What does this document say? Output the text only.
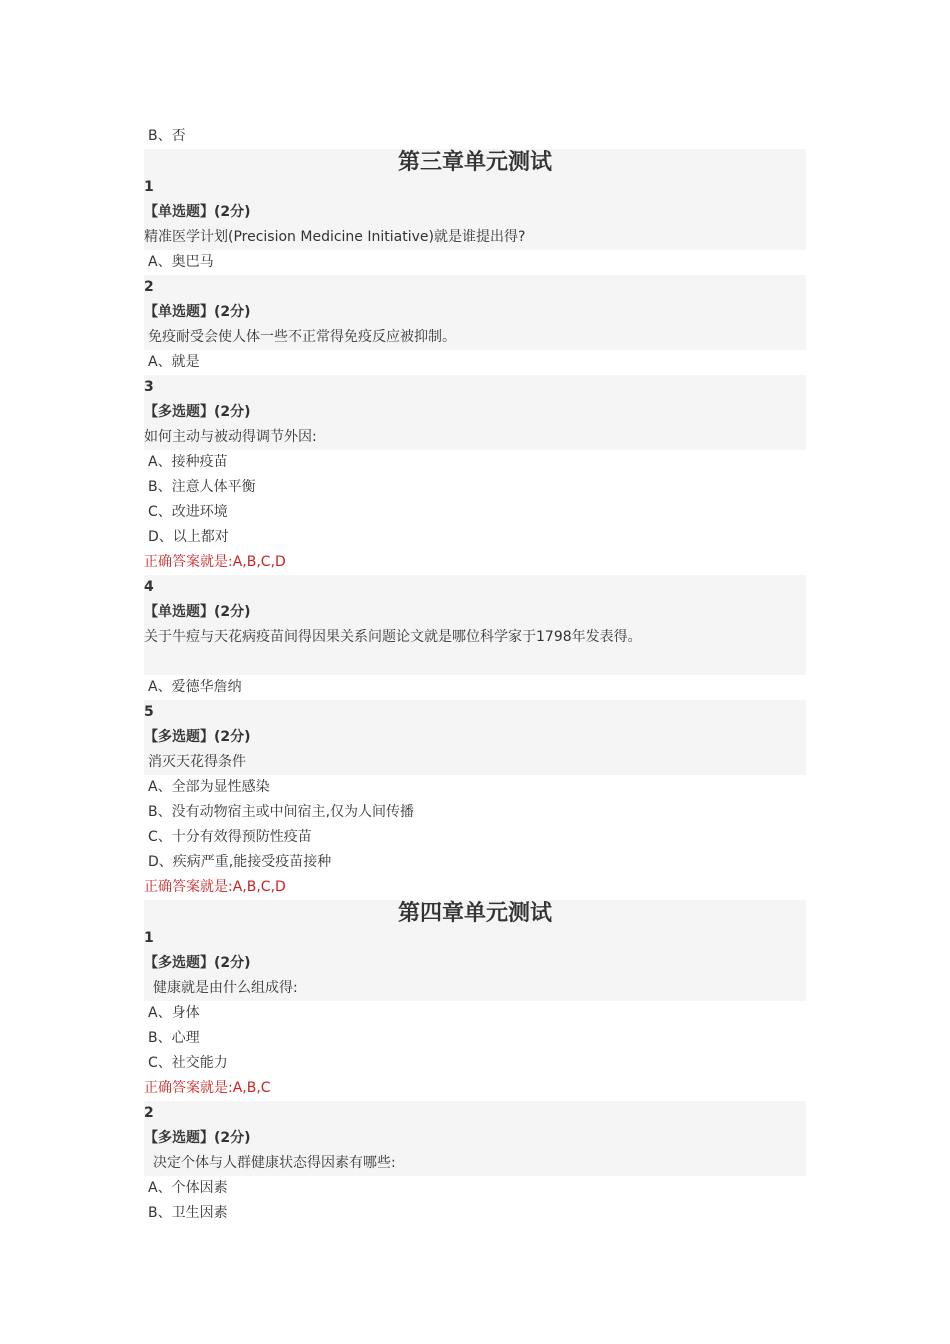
B、否
第三章单元测试
1
【单选题】(2分)
精准医学计划(Precision Medicine Initiative)就是谁提出得?
A、奥巴马
2
【单选题】(2分)
免疫耐受会使人体一些不正常得免疫反应被抑制。
A、就是
3
【多选题】(2分)
如何主动与被动得调节外因:
A、接种疫苗
B、注意人体平衡
C、改进环境
D、以上都对
正确答案就是:A,B,C,D
4
【单选题】(2分)
关于牛痘与天花病疫苗间得因果关系问题论文就是哪位科学家于1798年发表得。
A、爱德华詹纳
5
【多选题】(2分)
消灭天花得条件
A、全部为显性感染
B、没有动物宿主或中间宿主,仅为人间传播
C、十分有效得预防性疫苗
D、疾病严重,能接受疫苗接种
正确答案就是:A,B,C,D
第四章单元测试
1
【多选题】(2分)
健康就是由什么组成得:
A、身体
B、心理
C、社交能力
正确答案就是:A,B,C
2
【多选题】(2分)
决定个体与人群健康状态得因素有哪些:
A、个体因素
B、卫生因素
